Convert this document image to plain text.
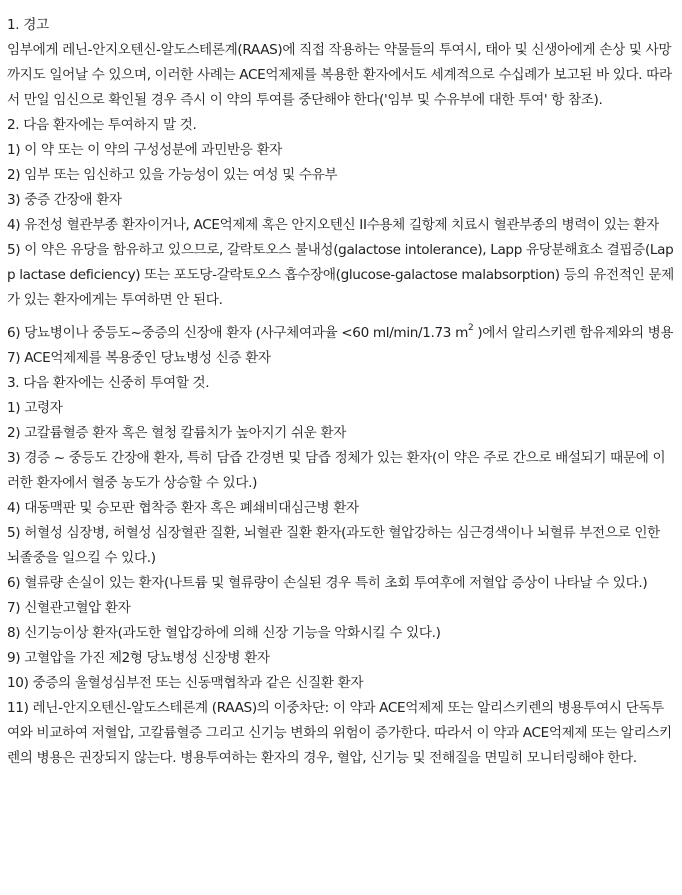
1. 경고
임부에게 레닌-안지오텐신-알도스테론계(RAAS)에 직접 작용하는 약물들의 투여시, 태아 및 신생아에게 손상 및 사망까지도 일어날 수 있으며, 이러한 사례는 ACE억제제를 복용한 환자에서도 세계적으로 수십례가 보고된 바 있다. 따라서 만일 임신으로 확인될 경우 즉시 이 약의 투여를 중단해야 한다('임부 및 수유부에 대한 투여' 항 참조).
2. 다음 환자에는 투여하지 말 것.
1) 이 약 또는 이 약의 구성성분에 과민반응 환자
2) 임부 또는 임신하고 있을 가능성이 있는 여성 및 수유부
3) 중증 간장애 환자
4) 유전성 혈관부종 환자이거나, ACE억제제 혹은 안지오텐신 II수용체 길항제 치료시 혈관부종의 병력이 있는 환자
5) 이 약은 유당을 함유하고 있으므로, 갈락토오스 불내성(galactose intolerance), Lapp 유당분해효소 결핍증(Lapp lactase deficiency) 또는 포도당-갈락토오스 흡수장애(glucose-galactose malabsorption) 등의 유전적인 문제가 있는 환자에게는 투여하면 안 된다.
6) 당뇨병이나 중등도~중증의 신장애 환자 (사구체여과율 <60 ml/min/1.73 $m^2$ )에서 알리스키렌 함유제와의 병용
7) ACE억제제를 복용중인 당뇨병성 신증 환자
3. 다음 환자에는 신중히 투여할 것.
1) 고령자
2) 고칼륨혈증 환자 혹은 혈청 칼륨치가 높아지기 쉬운 환자
3) 경증 ~ 중등도 간장애 환자, 특히 담즙 간경변 및 담즙 정체가 있는 환자(이 약은 주로 간으로 배설되기 때문에 이러한 환자에서 혈중 농도가 상승할 수 있다.)
4) 대동맥판 및 승모판 협착증 환자 혹은 폐쇄비대심근병 환자
5) 허혈성 심장병, 허혈성 심장혈관 질환, 뇌혈관 질환 환자(과도한 혈압강하는 심근경색이나 뇌혈류 부전으로 인한 뇌졸중을 일으킬 수 있다.)
6) 혈류량 손실이 있는 환자(나트륨 및 혈류량이 손실된 경우 특히 초회 투여후에 저혈압 증상이 나타날 수 있다.)
7) 신혈관고혈압 환자
8) 신기능이상 환자(과도한 혈압강하에 의해 신장 기능을 악화시킬 수 있다.)
9) 고혈압을 가진 제2형 당뇨병성 신장병 환자
10) 중증의 울혈성심부전 또는 신동맥협착과 같은 신질환 환자
11) 레닌-안지오텐신-알도스테론계 (RAAS)의 이중차단: 이 약과 ACE억제제 또는 알리스키렌의 병용투여시 단독투여와 비교하여 저혈압, 고칼륨혈증 그리고 신기능 변화의 위험이 증가한다. 따라서 이 약과 ACE억제제 또는 알리스키렌의 병용은 권장되지 않는다. 병용투여하는 환자의 경우, 혈압, 신기능 및 전해질을 면밀히 모니터링해야 한다.
